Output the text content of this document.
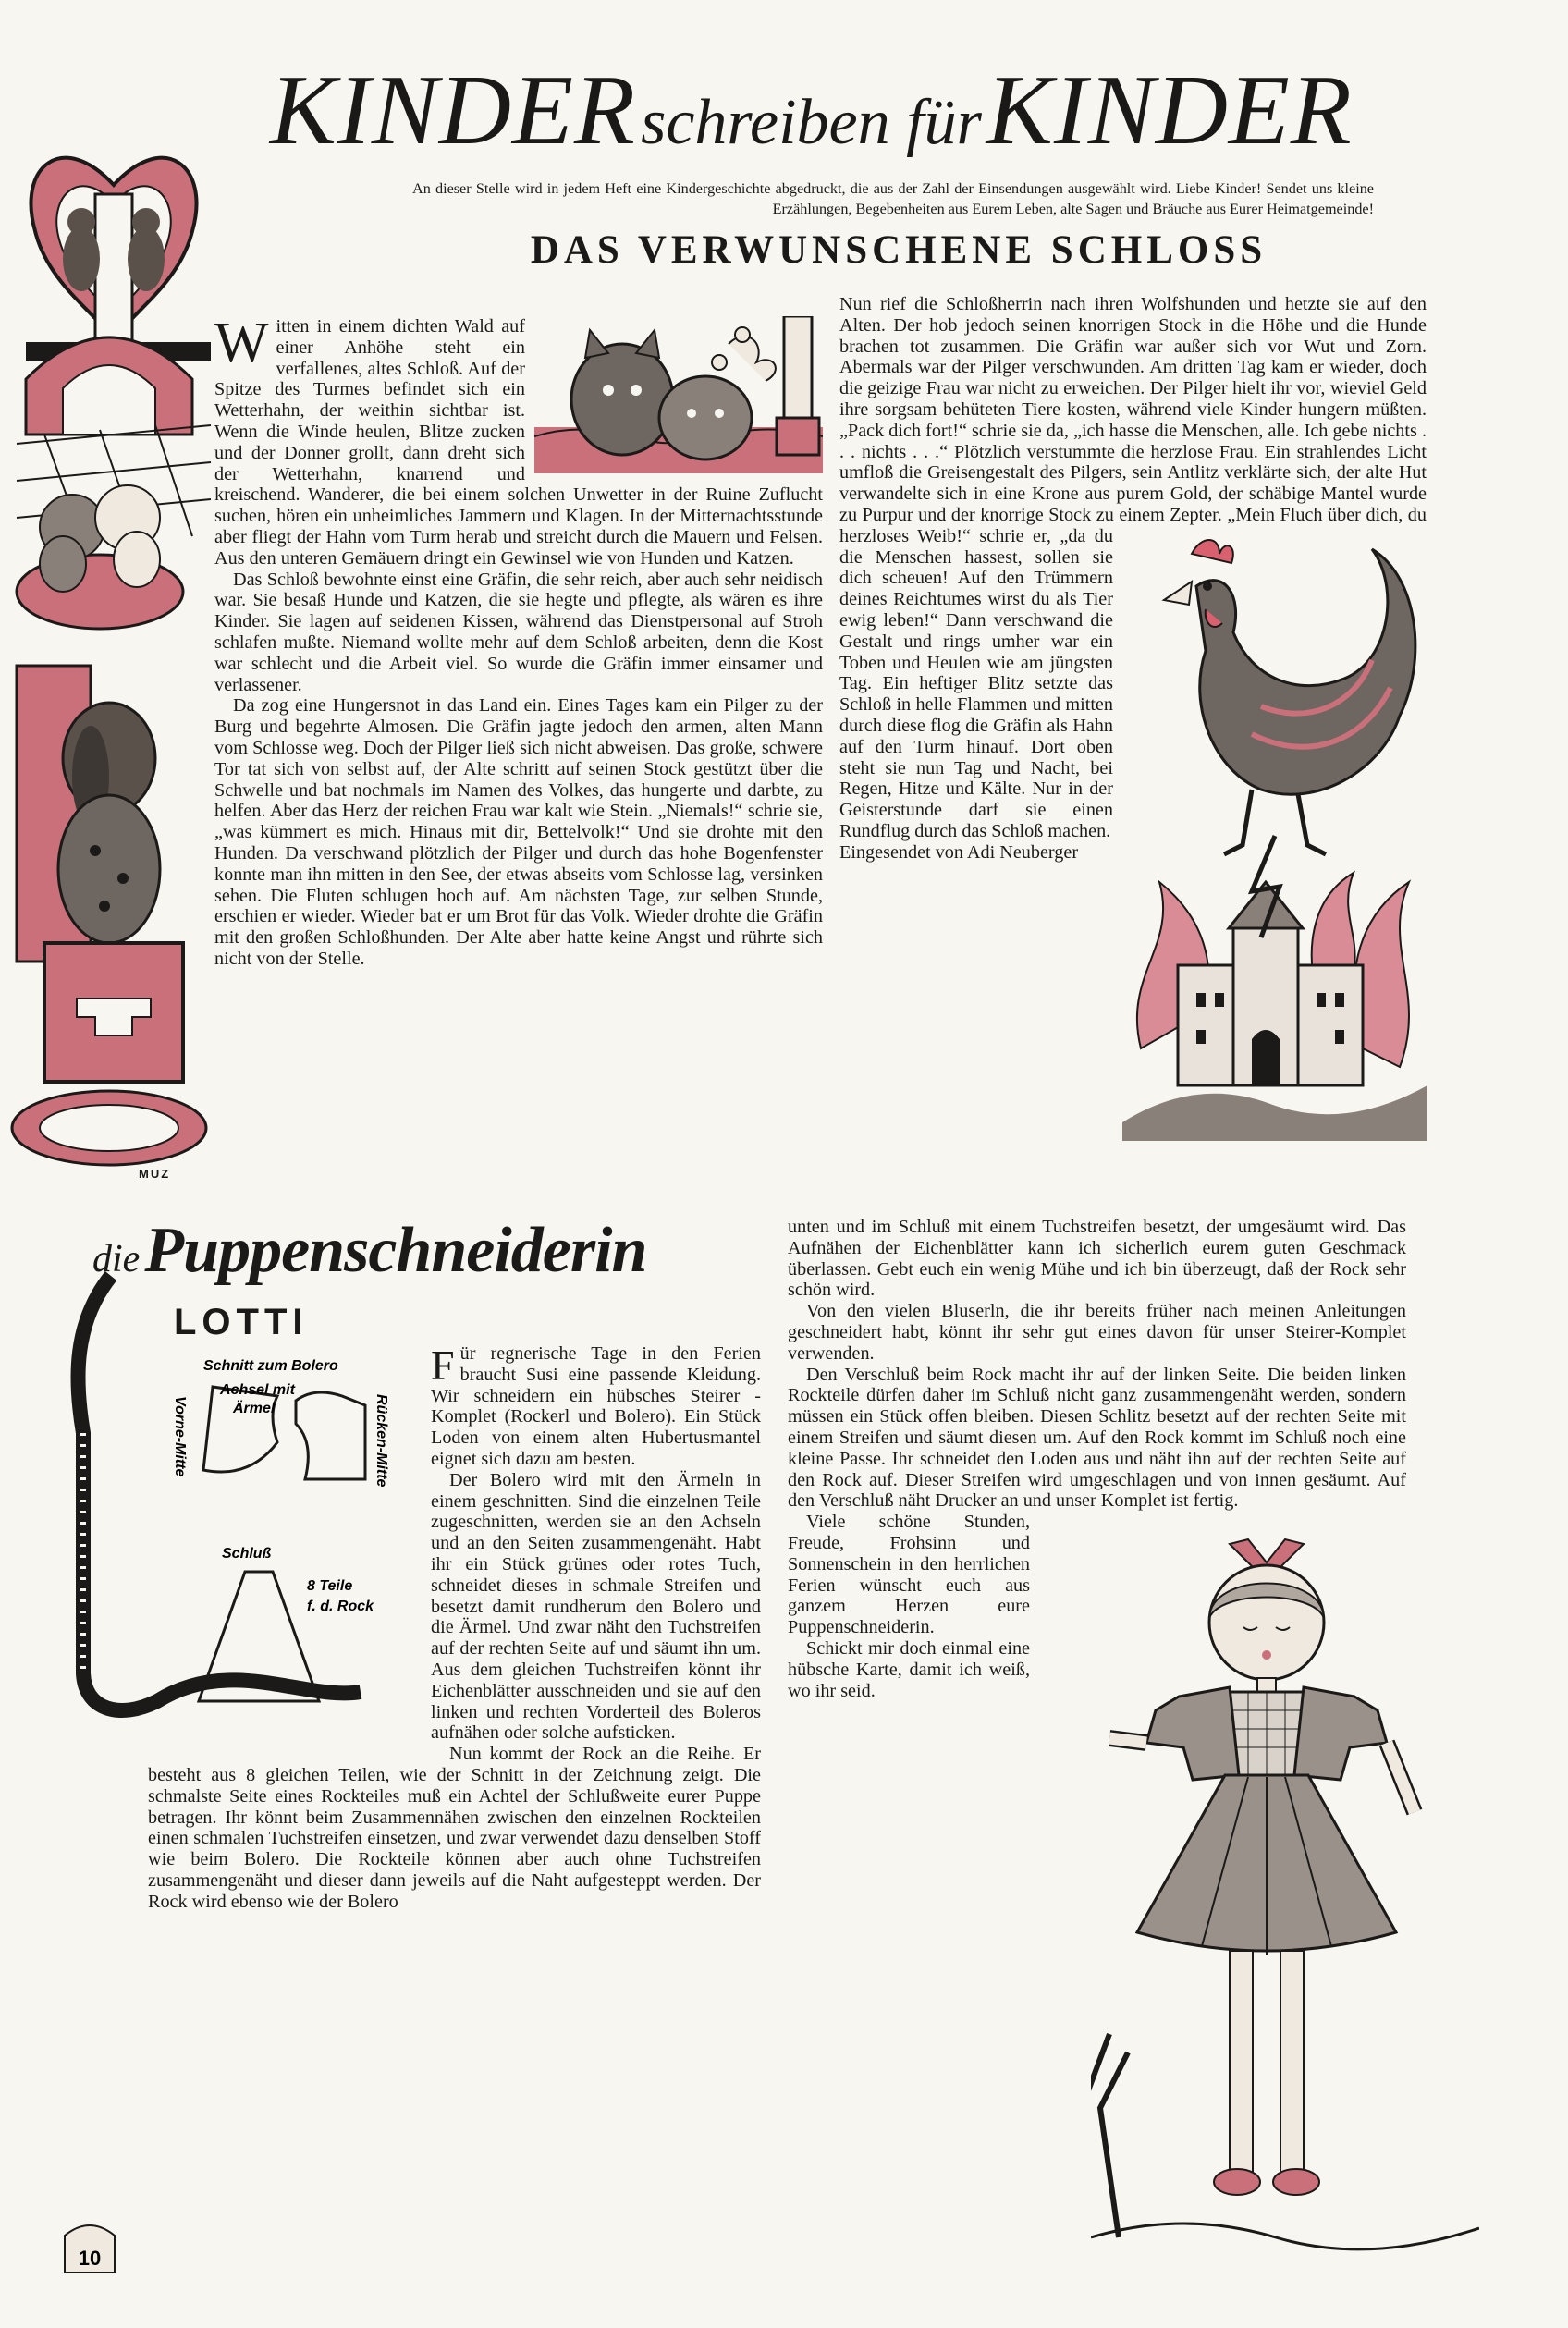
MUZ
KINDER schreiben für KINDER
An dieser Stelle wird in jedem Heft eine Kindergeschichte abgedruckt, die aus der Zahl der Einsendungen ausgewählt wird. Liebe Kinder! Sendet uns kleine Erzählungen, Begebenheiten aus Eurem Leben, alte Sagen und Bräuche aus Eurer Heimatgemeinde!
DAS VERWUNSCHENE SCHLOSS
W itten in einem dichten Wald auf einer Anhöhe steht ein verfallenes, altes Schloß. Auf der Spitze des Turmes befindet sich ein Wetterhahn, der weithin sichtbar ist. Wenn die Winde heulen, Blitze zucken und der Donner grollt, dann dreht sich der Wetterhahn, knarrend und kreischend. Wanderer, die bei einem solchen Unwetter in der Ruine Zuflucht suchen, hören ein unheimliches Jammern und Klagen. In der Mitternachtsstunde aber fliegt der Hahn vom Turm herab und streicht durch die Mauern und Felsen. Aus den unteren Gemäuern dringt ein Gewinsel wie von Hunden und Katzen.

Das Schloß bewohnte einst eine Gräfin, die sehr reich, aber auch sehr neidisch war. Sie besaß Hunde und Katzen, die sie hegte und pflegte, als wären es ihre Kinder. Sie lagen auf seidenen Kissen, während das Dienstpersonal auf Stroh schlafen mußte. Niemand wollte mehr auf dem Schloß arbeiten, denn die Kost war schlecht und die Arbeit viel. So wurde die Gräfin immer einsamer und verlassener.

Da zog eine Hungersnot in das Land ein. Eines Tages kam ein Pilger zu der Burg und begehrte Almosen. Die Gräfin jagte jedoch den armen, alten Mann vom Schlosse weg. Doch der Pilger ließ sich nicht abweisen. Das große, schwere Tor tat sich von selbst auf, der Alte schritt auf seinen Stock gestützt über die Schwelle und bat nochmals im Namen des Volkes, das hungerte und darbte, zu helfen. Aber das Herz der reichen Frau war kalt wie Stein. „Niemals!“ schrie sie, „was kümmert es mich. Hinaus mit dir, Bettelvolk!“ Und sie drohte mit den Hunden. Da verschwand plötzlich der Pilger und durch das hohe Bogenfenster konnte man ihn mitten in den See, der etwas abseits vom Schlosse lag, versinken sehen. Die Fluten schlugen hoch auf. Am nächsten Tage, zur selben Stunde, erschien er wieder. Wieder bat er um Brot für das Volk. Wieder drohte die Gräfin mit den großen Schloßhunden. Der Alte aber hatte keine Angst und rührte sich nicht von der Stelle.

Nun rief die Schloßherrin nach ihren Wolfshunden und hetzte sie auf den Alten. Der hob jedoch seinen knorrigen Stock in die Höhe und die Hunde brachen tot zusammen. Die Gräfin war außer sich vor Wut und Zorn. Abermals war der Pilger verschwunden. Am dritten Tag kam er wieder, doch die geizige Frau war nicht zu erweichen. Der Pilger hielt ihr vor, wieviel Geld ihre sorgsam behüteten Tiere kosten, während viele Kinder hungern müßten. „Pack dich fort!“ schrie sie da, „ich hasse die Menschen, alle. Ich gebe nichts . . . nichts . . .“ Plötzlich verstummte die herzlose Frau. Ein strahlendes Licht umfloß die Greisengestalt des Pilgers, sein Antlitz verklärte sich, der alte Hut verwandelte sich in eine Krone aus purem Gold, der schäbige Mantel wurde zu Purpur und der knorrige Stock zu einem Zepter. „Mein Fluch über dich, du herzloses Weib!“ schrie er, „da du die Menschen hassest, sollen sie dich scheuen! Auf den Trümmern deines Reichtumes wirst du als Tier ewig leben!“ Dann verschwand die Gestalt und rings umher war ein Toben und Heulen wie am jüngsten Tag. Ein heftiger Blitz setzte das Schloß in helle Flammen und mitten durch diese flog die Gräfin als Hahn auf den Turm hinauf. Dort oben steht sie nun Tag und Nacht, bei Regen, Hitze und Kälte. Nur in der Geisterstunde darf sie einen Rundflug durch das Schloß machen.

Eingesendet von Adi Neuberger

die Puppenschneiderin
Schnitt zum Bolero
Achsel mit
Ärmel
Vorne-Mitte	Rücken-Mitte
Schluß
8 Teile
f. d. Rock
LOTTI
F ür regnerische Tage in den Ferien braucht Susi eine passende Kleidung. Wir schneidern ein hübsches Steirer - Komplet (Rockerl und Bolero). Ein Stück Loden von einem alten Hubertusmantel eignet sich dazu am besten.

Der Bolero wird mit den Ärmeln in einem geschnitten. Sind die einzelnen Teile zugeschnitten, werden sie an den Achseln und an den Seiten zusammengenäht. Habt ihr ein Stück grünes oder rotes Tuch, schneidet dieses in schmale Streifen und besetzt damit rundherum den Bolero und die Ärmel. Und zwar näht den Tuchstreifen auf der rechten Seite auf und säumt ihn um. Aus dem gleichen Tuchstreifen könnt ihr Eichenblätter ausschneiden und sie auf den linken und rechten Vorderteil des Boleros aufnähen oder solche aufsticken.

Nun kommt der Rock an die Reihe. Er besteht aus 8 gleichen Teilen, wie der Schnitt in der Zeichnung zeigt. Die schmalste Seite eines Rockteiles muß ein Achtel der Schlußweite eurer Puppe betragen. Ihr könnt beim Zusammennähen zwischen den einzelnen Rockteilen einen schmalen Tuchstreifen einsetzen, und zwar verwendet dazu denselben Stoff wie beim Bolero. Die Rockteile können aber auch ohne Tuchstreifen zusammengenäht und dieser dann jeweils auf die Naht aufgesteppt werden. Der Rock wird ebenso wie der Bolero

unten und im Schluß mit einem Tuchstreifen besetzt, der umgesäumt wird. Das Aufnähen der Eichenblätter kann ich sicherlich eurem guten Geschmack überlassen. Gebt euch ein wenig Mühe und ich bin überzeugt, daß der Rock sehr schön wird.

Von den vielen Bluserln, die ihr bereits früher nach meinen Anleitungen geschneidert habt, könnt ihr sehr gut eines davon für unser Steirer-Komplet verwenden.

Den Verschluß beim Rock macht ihr auf der linken Seite. Die beiden linken Rockteile dürfen daher im Schluß nicht ganz zusammengenäht werden, sondern müssen ein Stück offen bleiben. Diesen Schlitz besetzt auf der rechten Seite mit einem Streifen und säumt diesen um. Auf den Rock kommt im Schluß noch eine kleine Passe. Ihr schneidet den Loden aus und näht ihn auf der rechten Seite auf den Rock auf. Dieser Streifen wird umgeschlagen und von innen gesäumt. Auf den Verschluß näht Drucker an und unser Komplet ist fertig.

Viele schöne Stunden, Freude, Frohsinn und Sonnenschein in den herrlichen Ferien wünscht euch aus ganzem Herzen eure Puppenschneiderin.

Schickt mir doch einmal eine hübsche Karte, damit ich weiß, wo ihr seid.

10
